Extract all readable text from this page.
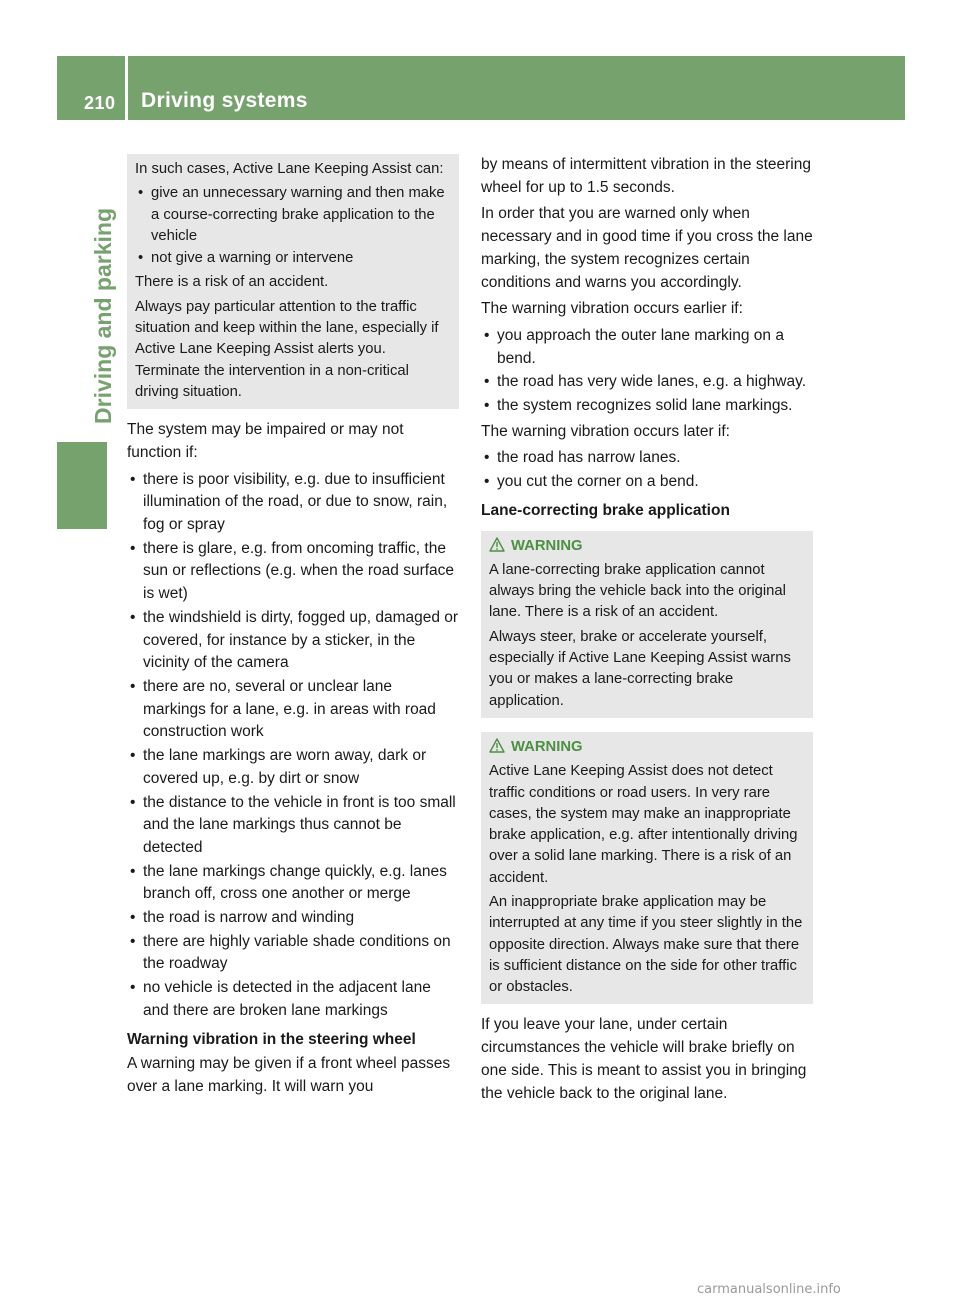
210 Driving systems
Driving and parking

In such cases, Active Lane Keeping Assist can:

• give an unnecessary warning and then make a course-correcting brake application to the vehicle
• not give a warning or intervene

There is a risk of an accident.

Always pay particular attention to the traffic situation and keep within the lane, especially if Active Lane Keeping Assist alerts you. Terminate the intervention in a non-critical driving situation.

The system may be impaired or may not function if:

• there is poor visibility, e.g. due to insufficient illumination of the road, or due to snow, rain, fog or spray
• there is glare, e.g. from oncoming traffic, the sun or reflections (e.g. when the road surface is wet)
• the windshield is dirty, fogged up, damaged or covered, for instance by a sticker, in the vicinity of the camera
• there are no, several or unclear lane markings for a lane, e.g. in areas with road construction work
• the lane markings are worn away, dark or covered up, e.g. by dirt or snow
• the distance to the vehicle in front is too small and the lane markings thus cannot be detected
• the lane markings change quickly, e.g. lanes branch off, cross one another or merge
• the road is narrow and winding
• there are highly variable shade conditions on the roadway
• no vehicle is detected in the adjacent lane and there are broken lane markings
Warning vibration in the steering wheel

A warning may be given if a front wheel passes over a lane marking. It will warn you

by means of intermittent vibration in the steering wheel for up to 1.5 seconds.

In order that you are warned only when necessary and in good time if you cross the lane marking, the system recognizes certain conditions and warns you accordingly.

The warning vibration occurs earlier if:

• you approach the outer lane marking on a bend.
• the road has very wide lanes, e.g. a highway.
• the system recognizes solid lane markings.

The warning vibration occurs later if:

• the road has narrow lanes.
• you cut the corner on a bend.
Lane-correcting brake application
WARNING

A lane-correcting brake application cannot always bring the vehicle back into the original lane. There is a risk of an accident.

Always steer, brake or accelerate yourself, especially if Active Lane Keeping Assist warns you or makes a lane-correcting brake application.

WARNING

Active Lane Keeping Assist does not detect traffic conditions or road users. In very rare cases, the system may make an inappropriate brake application, e.g. after intentionally driving over a solid lane marking. There is a risk of an accident.

An inappropriate brake application may be interrupted at any time if you steer slightly in the opposite direction. Always make sure that there is sufficient distance on the side for other traffic or obstacles.

If you leave your lane, under certain circumstances the vehicle will brake briefly on one side. This is meant to assist you in bringing the vehicle back to the original lane.

carmanualsonline.info
